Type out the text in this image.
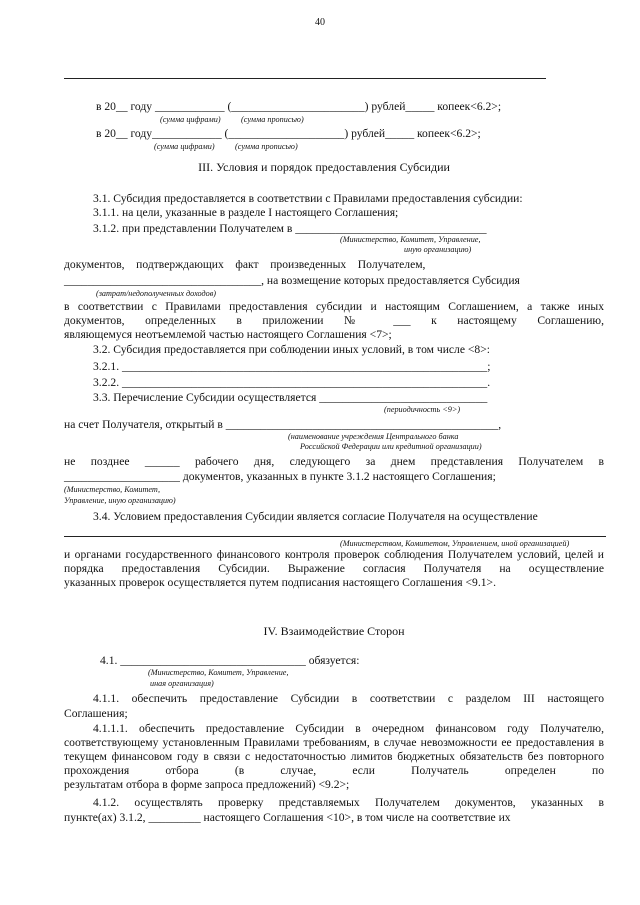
40
в 20__ году ____________ (_______________________) рублей_____ копеек<6.2>;
(сумма цифрами)          (сумма прописью)
в 20__ году____________ (____________________) рублей_____ копеек<6.2>;
(сумма цифрами)          (сумма прописью)
III. Условия и порядок предоставления Субсидии
3.1. Субсидия предоставляется в соответствии с Правилами предоставления субсидии:
3.1.1. на цели, указанные в разделе I настоящего Соглашения;
3.1.2. при представлении Получателем в _________________________________
(Министерство, Комитет, Управление,
иную организацию)
документов,    подтверждающих    факт    произведенных    Получателем,
__________________________________, на возмещение которых предоставляется Субсидия
(затрат/недополученных доходов)
в соответствии с Правилами предоставления субсидии и настоящим Соглашением, а также иных документов, определенных в приложении № ___ к настоящему Соглашению,
являющемуся неотъемлемой частью настоящего Соглашения <7>;
3.2. Субсидия предоставляется при соблюдении иных условий, в том числе <8>:
3.2.1. _______________________________________________________________;
3.2.2. _______________________________________________________________.
3.3. Перечисление Субсидии осуществляется _____________________________
(периодичность <9>)
на счет Получателя, открытый в _______________________________________________,
(наименование учреждения Центрального банка
Российской Федерации или кредитной организации)
не позднее ______ рабочего дня, следующего за днем представления Получателем в
____________________ документов, указанных в пункте 3.1.2 настоящего Соглашения;
(Министерство, Комитет,
Управление, иную организацию)
3.4. Условием предоставления Субсидии является согласие Получателя на осуществление
(Министерством, Комитетом, Управлением, иной организацией)
и органами государственного финансового контроля проверок соблюдения Получателем условий, целей и порядка предоставления Субсидии. Выражение согласия Получателя на осуществление
указанных проверок осуществляется путем подписания настоящего Соглашения <9.1>.
IV. Взаимодействие Сторон
4.1. ________________________________ обязуется:
(Министерство, Комитет, Управление,
иная организация)
4.1.1. обеспечить предоставление Субсидии в соответствии с разделом III настоящего
Соглашения;
4.1.1.1. обеспечить предоставление Субсидии в очередном финансовом году Получателю, соответствующему установленным Правилами требованиям, в случае невозможности ее предоставления в текущем финансовом году в связи с недостаточностью лимитов бюджетных обязательств без повторного прохождения отбора (в случае, если Получатель определен по
результатам отбора в форме запроса предложений) <9.2>;
4.1.2. осуществлять проверку представляемых Получателем документов, указанных в
пункте(ах) 3.1.2, _________ настоящего Соглашения <10>, в том числе на соответствие их
